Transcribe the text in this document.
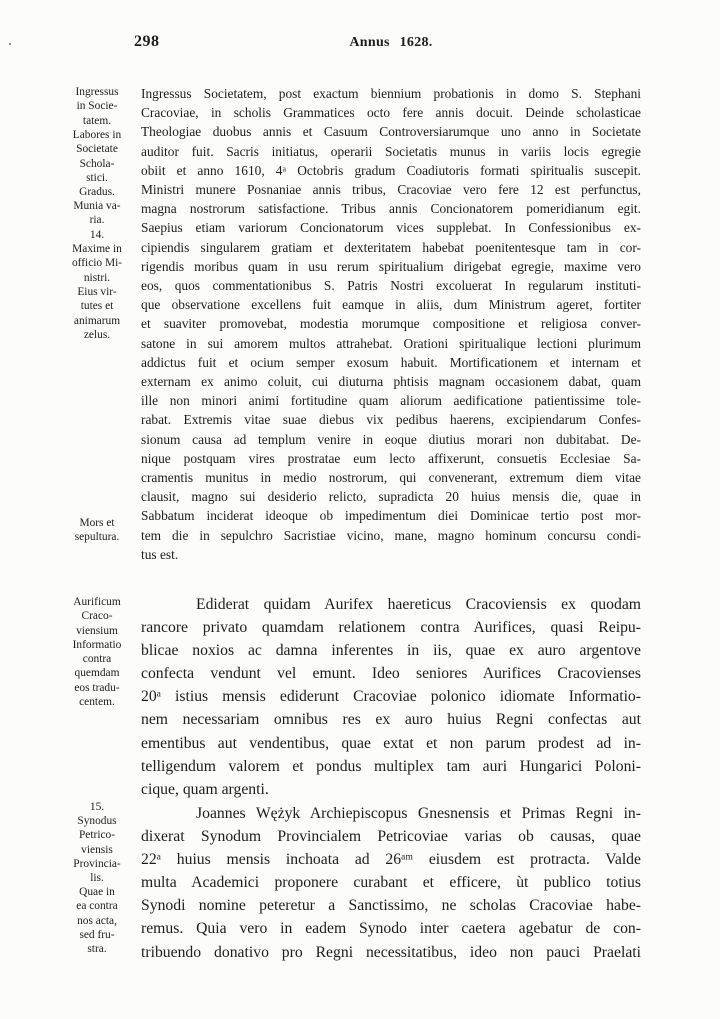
298	Annus 1628.
Ingressus
in Socie-
tatem.
Labores in
Societate
Schola-
stici.
Gradus.
Munia va-
ria.
14.
Maxime in
officio Mi-
nistri.
Eius vir-
tutes et
animarum
zelus.
Mors et
sepultura.
Aurificum
Craco-
viensium
Informatio
contra
quemdam
eos tradu-
centem.
15.
Synodus
Petrico-
viensis
Provincia-
lis.
Quae in
ea contra
nos acta,
sed fru-
stra.
Ingressus Societatem, post exactum biennium probationis in domo S. Stephani
Cracoviae, in scholis Grammatices octo fere annis docuit. Deinde scholasticae
Theologiae duobus annis et Casuum Controversiarumque uno anno in Societate
auditor fuit. Sacris initiatus, operarii Societatis munus in variis locis egregie
obiit et anno 1610, 4ᵃ Octobris gradum Coadiutoris formati spiritualis suscepit.
Ministri munere Posnaniae annis tribus, Cracoviae vero fere 12 est perfunctus,
magna nostrorum satisfactione. Tribus annis Concionatorem pomeridianum egit.
Saepius etiam variorum Concionatorum vices supplebat. In Confessionibus ex-
cipiendis singularem gratiam et dexteritatem habebat poenitentesque tam in cor-
rigendis moribus quam in usu rerum spiritualium dirigebat egregie, maxime vero
eos, quos commentationibus S. Patris Nostri excoluerat In regularum instituti-
que observatione excellens fuit eamque in aliis, dum Ministrum ageret, fortiter
et suaviter promovebat, modestia morumque compositione et religiosa conver-
satone in sui amorem multos attrahebat. Orationi spiritualique lectioni plurimum
addictus fuit et ocium semper exosum habuit. Mortificationem et internam et
externam ex animo coluit, cui diuturna phtisis magnam occasionem dabat, quam
ille non minori animi fortitudine quam aliorum aedificatione patientissime tole-
rabat. Extremis vitae suae diebus vix pedibus haerens, excipiendarum Confes-
sionum causa ad templum venire in eoque diutius morari non dubitabat. De-
nique postquam vires prostratae eum lecto affixerunt, consuetis Ecclesiae Sa-
cramentis munitus in medio nostrorum, qui convenerant, extremum diem vitae
clausit, magno sui desiderio relicto, supradicta 20 huius mensis die, quae in
Sabbatum inciderat ideoque ob impedimentum diei Dominicae tertio post mor-
tem die in sepulchro Sacristiae vicino, mane, magno hominum concursu condi-
tus est.
Ediderat quidam Aurifex haereticus Cracoviensis ex quodam
rancore privato quamdam relationem contra Aurifices, quasi Reipu-
blicae noxios ac damna inferentes in iis, quae ex auro argentove
confecta vendunt vel emunt. Ideo seniores Aurifices Cracovienses
20ᵃ istius mensis ediderunt Cracoviae polonico idiomate Informatio-
nem necessariam omnibus res ex auro huius Regni confectas aut
ementibus aut vendentibus, quae extat et non parum prodest ad in-
telligendum valorem et pondus multiplex tam auri Hungarici Poloni-
cique, quam argenti.
Joannes Wężyk Archiepiscopus Gnesnensis et Primas Regni in-
dixerat Synodum Provincialem Petricoviae varias ob causas, quae
22ᵃ huius mensis inchoata ad 26ᵃᵐ eiusdem est protracta. Valde
multa Academici proponere curabant et efficere, ùt publico totius
Synodi nomine peteretur a Sanctissimo, ne scholas Cracoviae habe-
remus. Quia vero in eadem Synodo inter caetera agebatur de con-
tribuendo donativo pro Regni necessitatibus, ideo non pauci Praelati
